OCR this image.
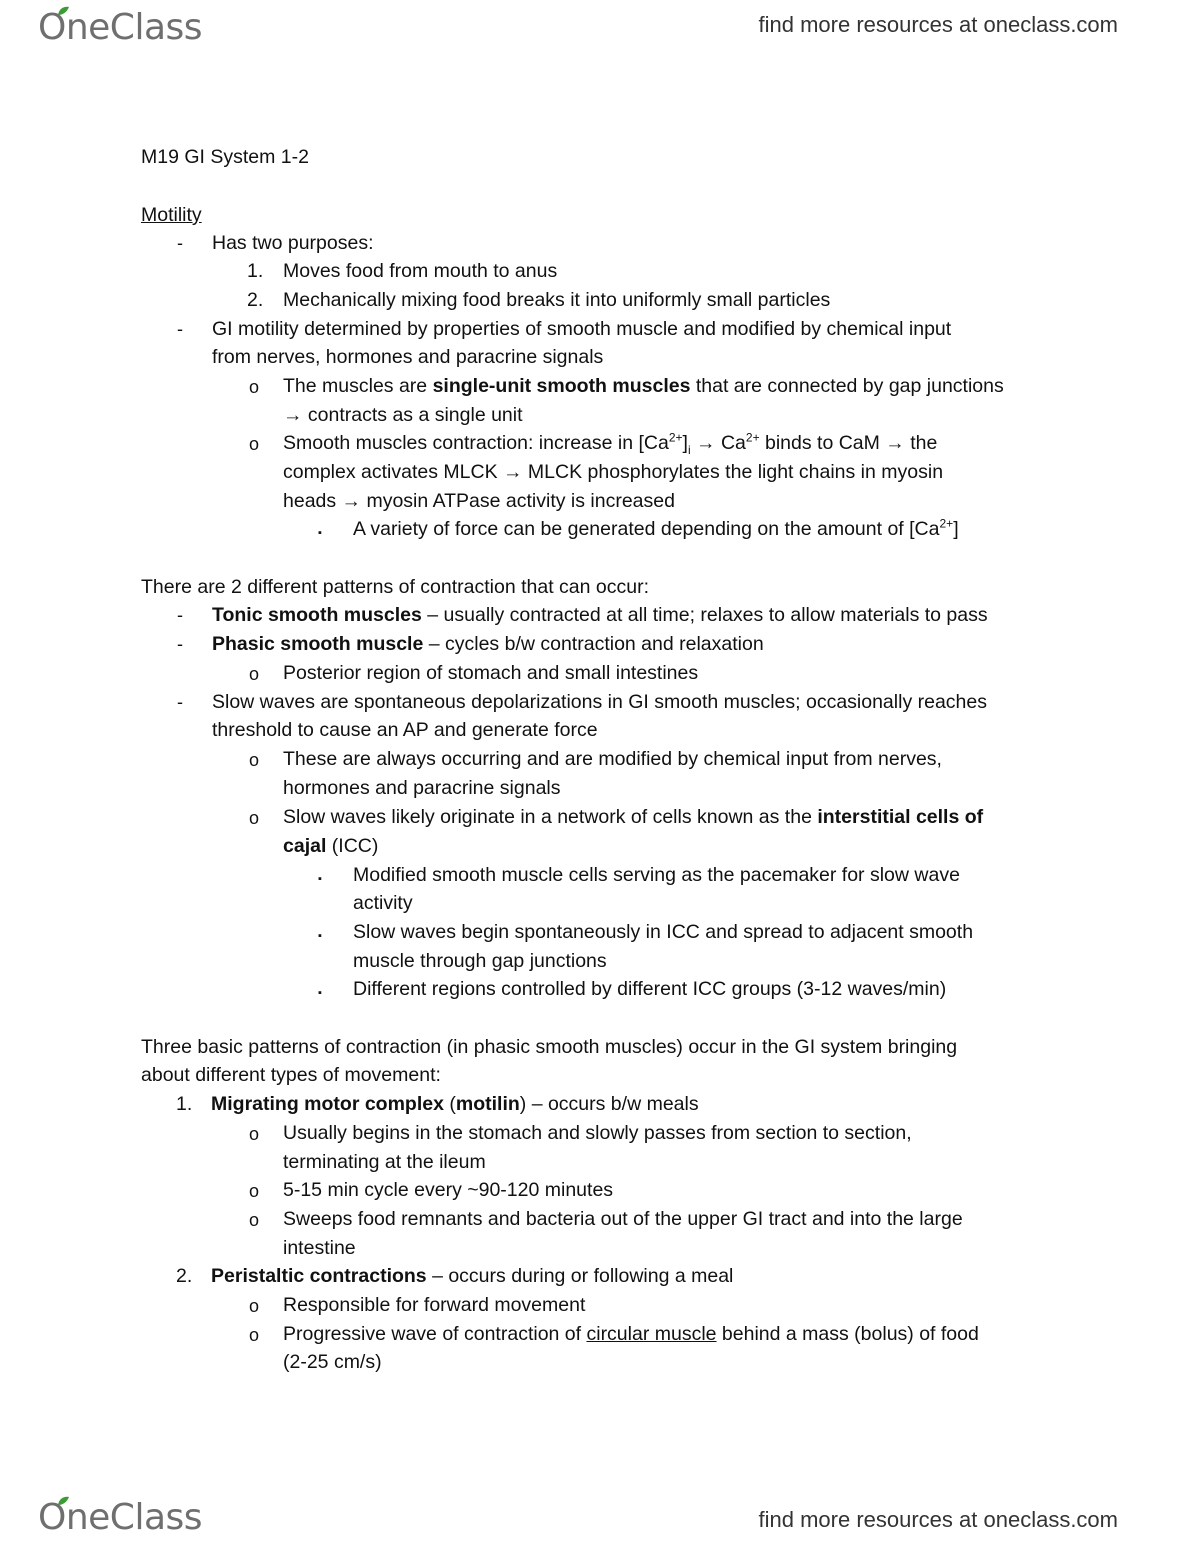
OneClass	find more resources at oneclass.com
M19 GI System 1-2
Motility
- Has two purposes:
1. Moves food from mouth to anus
2. Mechanically mixing food breaks it into uniformly small particles
- GI motility determined by properties of smooth muscle and modified by chemical input
from nerves, hormones and paracrine signals
o The muscles are single-unit smooth muscles that are connected by gap junctions
→ contracts as a single unit
o Smooth muscles contraction: increase in $[Ca^{2+}]_i \to Ca^{2+}$ binds to CaM → the
complex activates MLCK → MLCK phosphorylates the light chains in myosin
heads → myosin ATPase activity is increased
▪ A variety of force can be generated depending on the amount of $[Ca^{2+}]$
There are 2 different patterns of contraction that can occur:
- Tonic smooth muscles – usually contracted at all time; relaxes to allow materials to pass
- Phasic smooth muscle – cycles b/w contraction and relaxation
o Posterior region of stomach and small intestines
- Slow waves are spontaneous depolarizations in GI smooth muscles; occasionally reaches
threshold to cause an AP and generate force
o These are always occurring and are modified by chemical input from nerves,
hormones and paracrine signals
o Slow waves likely originate in a network of cells known as the interstitial cells of
cajal (ICC)
▪ Modified smooth muscle cells serving as the pacemaker for slow wave
activity
▪ Slow waves begin spontaneously in ICC and spread to adjacent smooth
muscle through gap junctions
▪ Different regions controlled by different ICC groups (3-12 waves/min)
Three basic patterns of contraction (in phasic smooth muscles) occur in the GI system bringing
about different types of movement:
1. Migrating motor complex (motilin) – occurs b/w meals
o Usually begins in the stomach and slowly passes from section to section,
terminating at the ileum
o 5-15 min cycle every ~90-120 minutes
o Sweeps food remnants and bacteria out of the upper GI tract and into the large
intestine
2. Peristaltic contractions – occurs during or following a meal
o Responsible for forward movement
o Progressive wave of contraction of circular muscle behind a mass (bolus) of food
(2-25 cm/s)
OneClass	find more resources at oneclass.com
